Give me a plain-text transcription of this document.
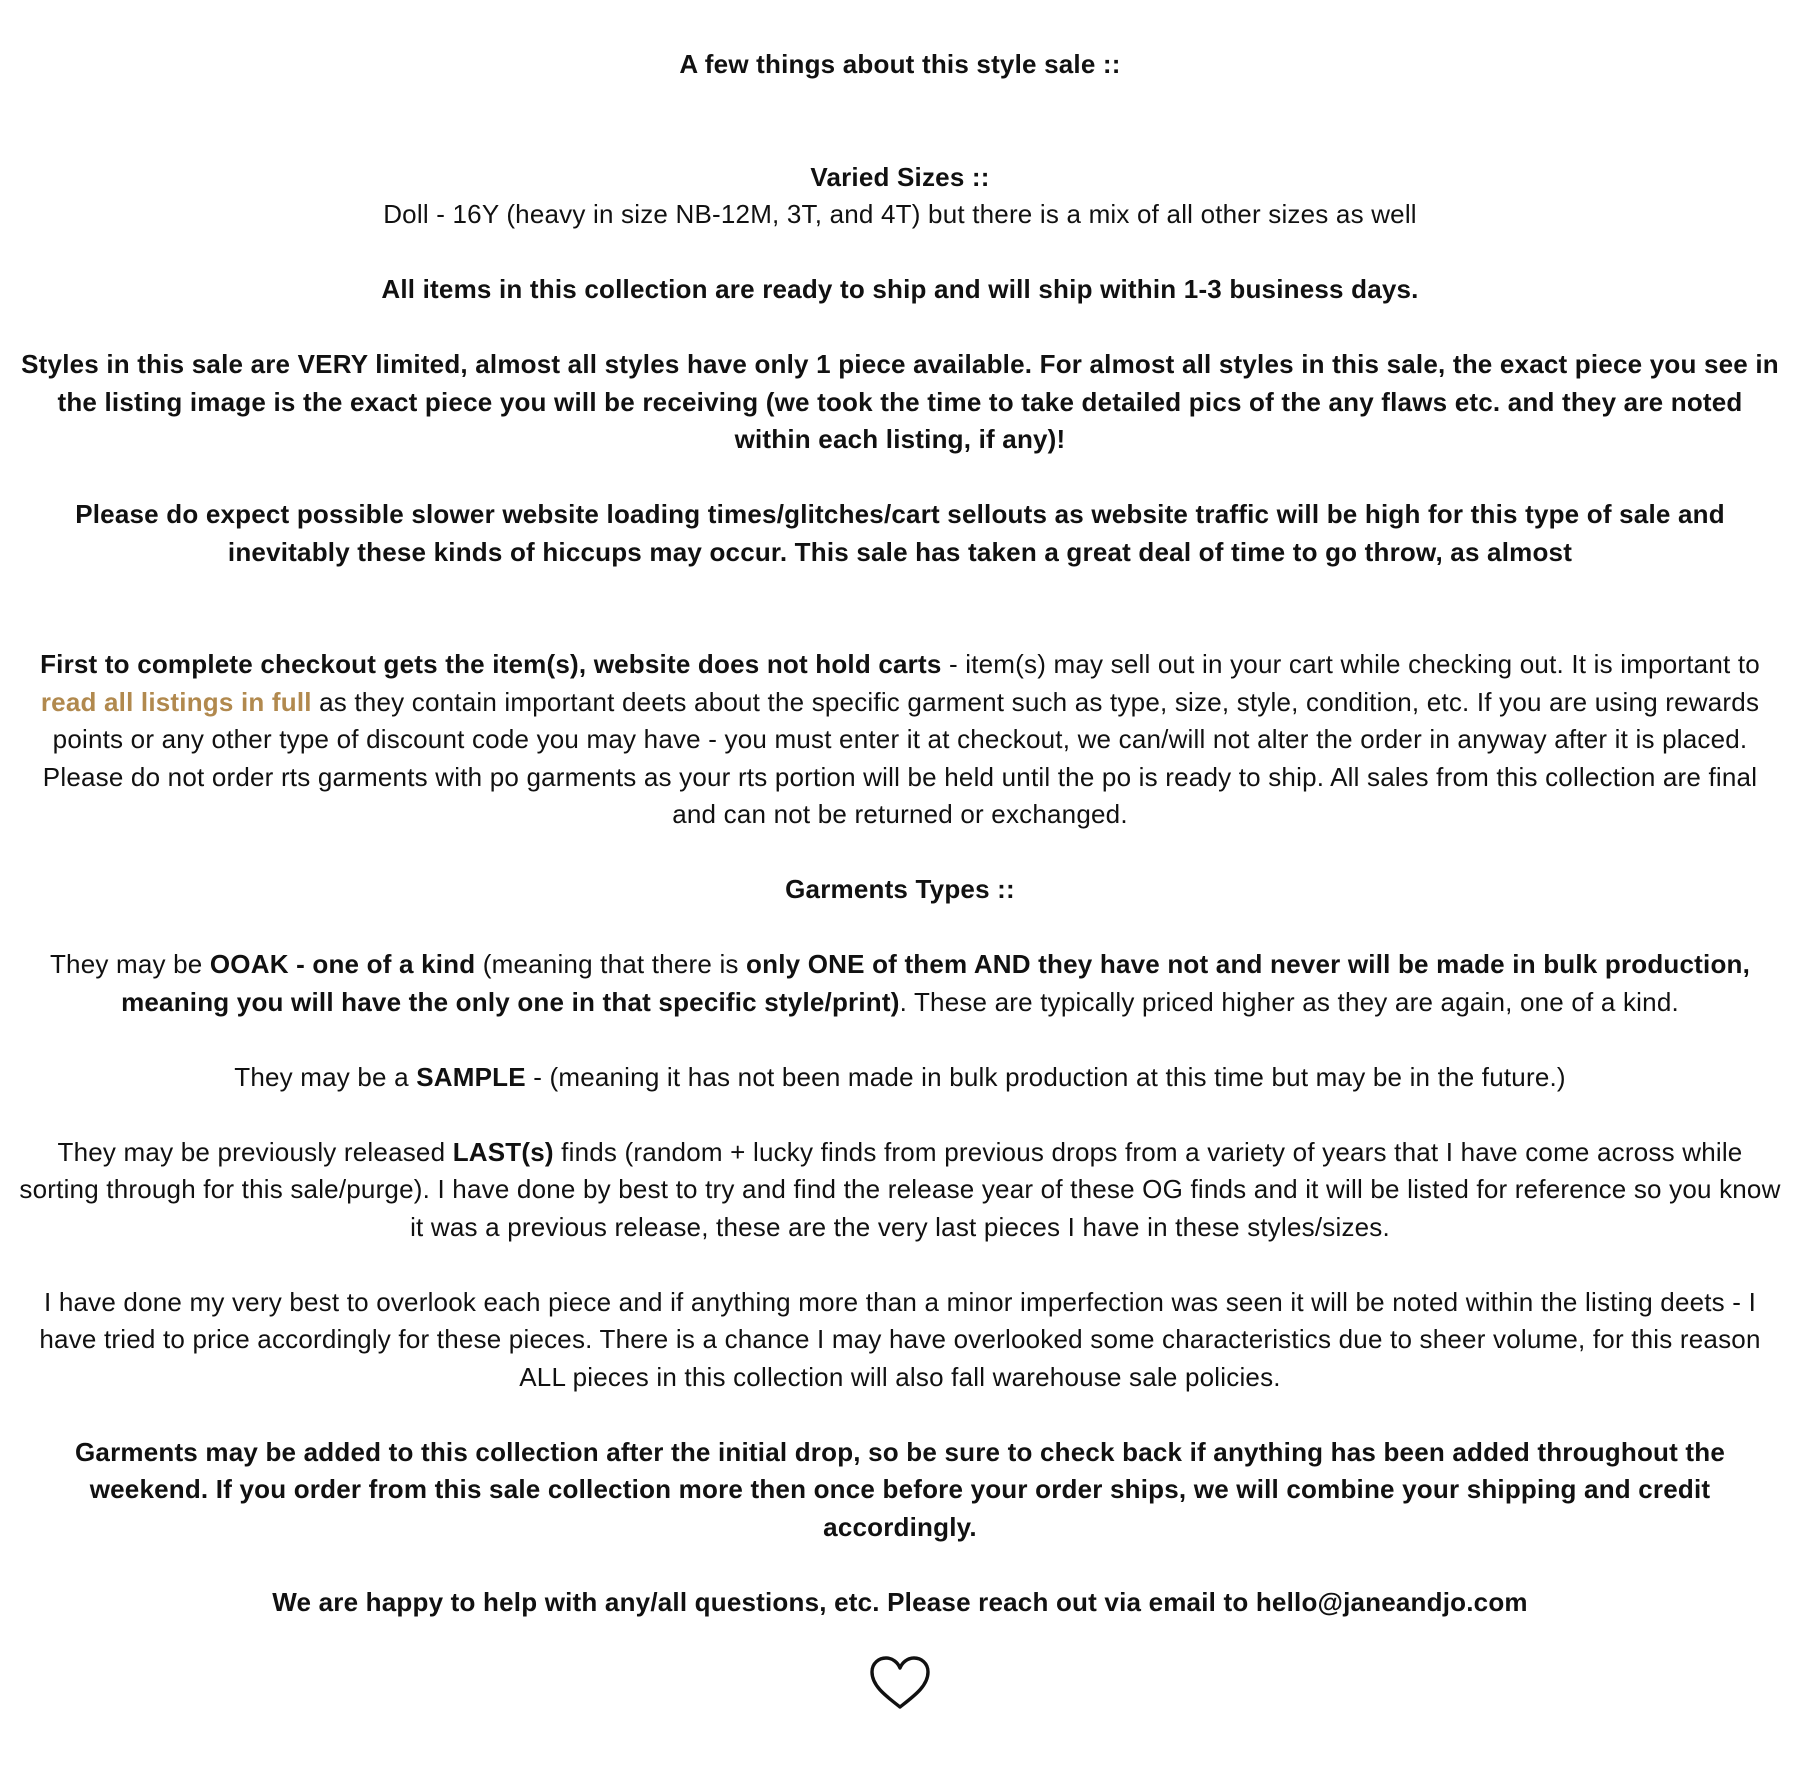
A few things about this style sale ::

Varied Sizes ::

Doll - 16Y (heavy in size NB-12M, 3T, and 4T) but there is a mix of all other sizes as well

All items in this collection are ready to ship and will ship within 1-3 business days.

Styles in this sale are VERY limited, almost all styles have only 1 piece available. For almost all styles in this sale, the exact piece you see in the listing image is the exact piece you will be receiving (we took the time to take detailed pics of the any flaws etc. and they are noted within each listing, if any)!

Please do expect possible slower website loading times/glitches/cart sellouts as website traffic will be high for this type of sale and inevitably these kinds of hiccups may occur. This sale has taken a great deal of time to go throw, as almost

First to complete checkout gets the item(s), website does not hold carts - item(s) may sell out in your cart while checking out. It is important to read all listings in full as they contain important deets about the specific garment such as type, size, style, condition, etc. If you are using rewards points or any other type of discount code you may have - you must enter it at checkout, we can/will not alter the order in anyway after it is placed. Please do not order rts garments with po garments as your rts portion will be held until the po is ready to ship. All sales from this collection are final and can not be returned or exchanged.

Garments Types ::

They may be OOAK - one of a kind (meaning that there is only ONE of them AND they have not and never will be made in bulk production, meaning you will have the only one in that specific style/print). These are typically priced higher as they are again, one of a kind.

They may be a SAMPLE - (meaning it has not been made in bulk production at this time but may be in the future.)

They may be previously released LAST(s) finds (random + lucky finds from previous drops from a variety of years that I have come across while sorting through for this sale/purge). I have done by best to try and find the release year of these OG finds and it will be listed for reference so you know it was a previous release, these are the very last pieces I have in these styles/sizes.

I have done my very best to overlook each piece and if anything more than a minor imperfection was seen it will be noted within the listing deets - I have tried to price accordingly for these pieces. There is a chance I may have overlooked some characteristics due to sheer volume, for this reason ALL pieces in this collection will also fall warehouse sale policies.

Garments may be added to this collection after the initial drop, so be sure to check back if anything has been added throughout the weekend. If you order from this sale collection more then once before your order ships, we will combine your shipping and credit accordingly.

We are happy to help with any/all questions, etc. Please reach out via email to hello@janeandjo.com
